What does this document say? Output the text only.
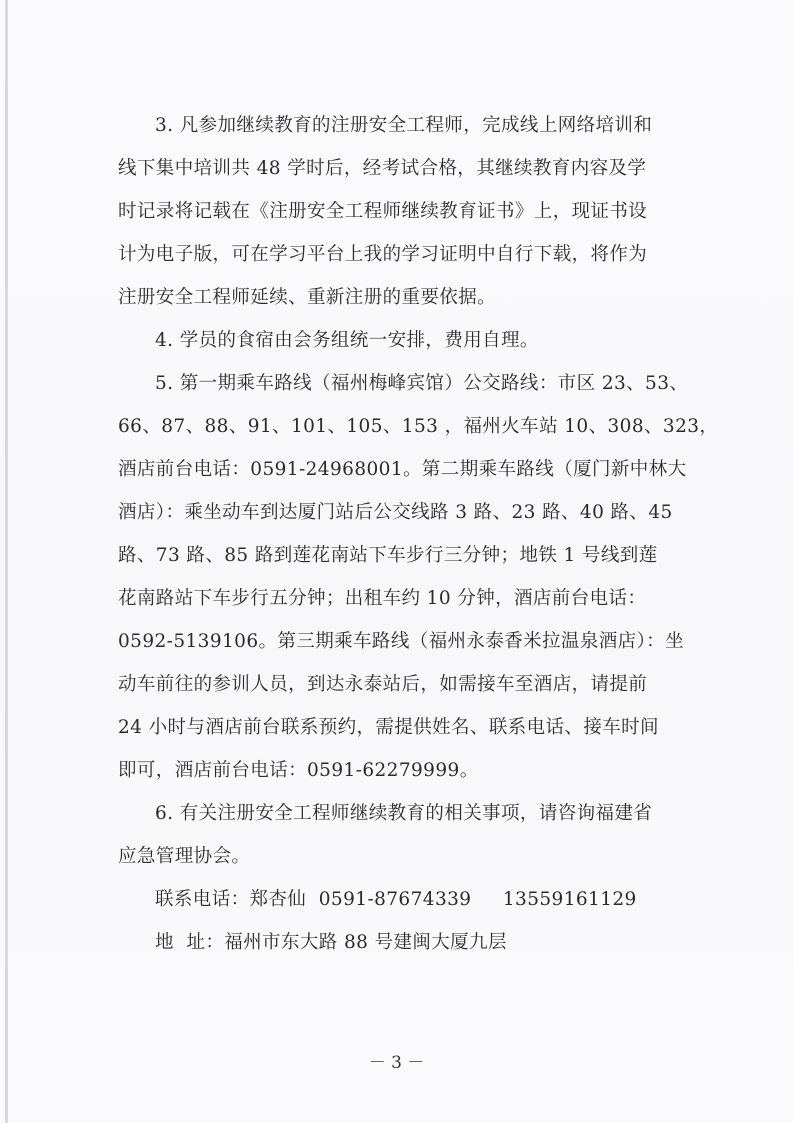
3. 凡参加继续教育的注册安全工程师，完成线上网络培训和
线下集中培训共 48 学时后，经考试合格，其继续教育内容及学
时记录将记载在《注册安全工程师继续教育证书》上，现证书设
计为电子版，可在学习平台上我的学习证明中自行下载，将作为
注册安全工程师延续、重新注册的重要依据。
4. 学员的食宿由会务组统一安排，费用自理。
5. 第一期乘车路线（福州梅峰宾馆）公交路线：市区 23、53、
66、87、88、91、101、105、153 ，福州火车站 10、308、323，
酒店前台电话：0591-24968001。第二期乘车路线（厦门新中林大
酒店）：乘坐动车到达厦门站后公交线路 3 路、23 路、40 路、45
路、73 路、85 路到莲花南站下车步行三分钟；地铁 1 号线到莲
花南路站下车步行五分钟；出租车约 10 分钟，酒店前台电话：
0592-5139106。第三期乘车路线（福州永泰香米拉温泉酒店）：坐
动车前往的参训人员，到达永泰站后，如需接车至酒店，请提前
24 小时与酒店前台联系预约，需提供姓名、联系电话、接车时间
即可，酒店前台电话：0591-62279999。
6. 有关注册安全工程师继续教育的相关事项，请咨询福建省
应急管理协会。
联系电话：郑杏仙  0591-87674339     13559161129
地  址：福州市东大路 88 号建闽大厦九层
－ 3 －
